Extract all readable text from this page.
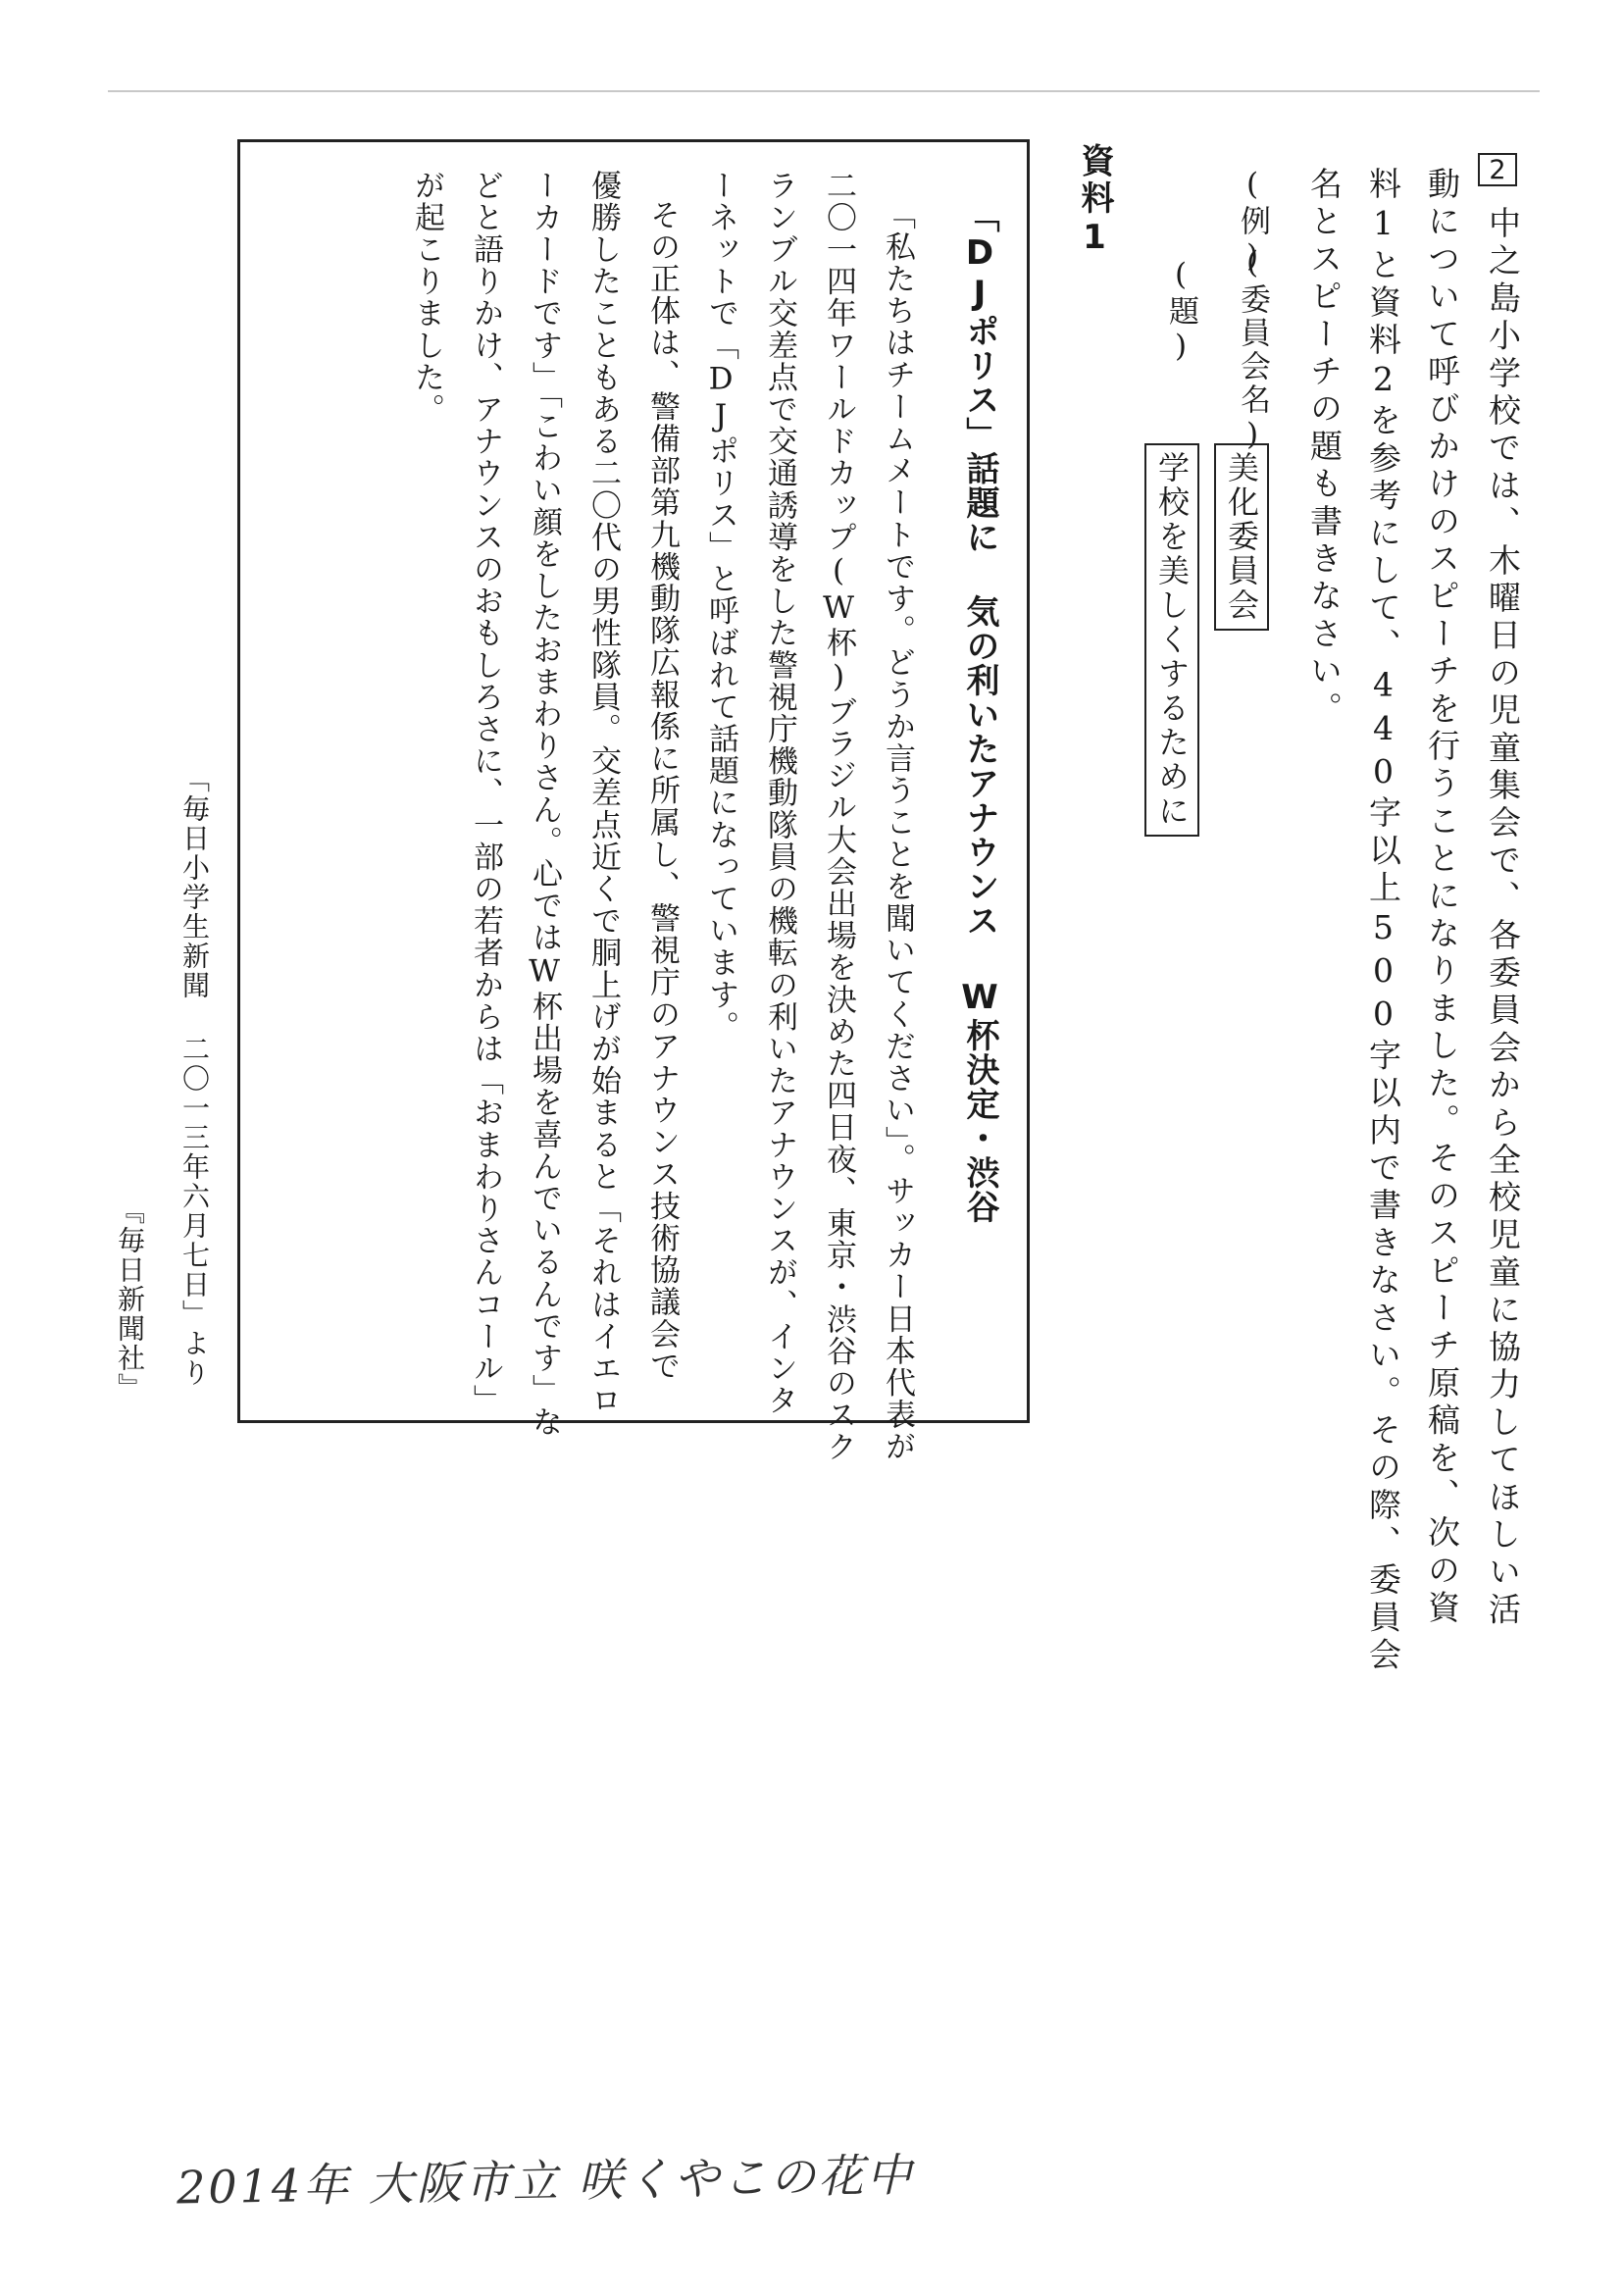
2

中之島小学校では、木曜日の児童集会で、各委員会から全校児童に協力してほしい活

動について呼びかけのスピーチを行うことになりました。そのスピーチ原稿を、次の資

料1と資料2を参考にして、440字以上500字以内で書きなさい。その際、委員会

名とスピーチの題も書きなさい。

(例)
(委員会名)
美化委員会
(題)
学校を美しくするために
資料1
「DJポリス」話題に 気の利いたアナウンス W杯決定・渋谷

「私たちはチームメートです。どうか言うことを聞いてください」。サッカー日本代表が

二〇一四年ワールドカップ(W杯)ブラジル大会出場を決めた四日夜、東京・渋谷のスク

ランブル交差点で交通誘導をした警視庁機動隊員の機転の利いたアナウンスが、インタ

ーネットで「DJポリス」と呼ばれて話題になっています。

その正体は、警備部第九機動隊広報係に所属し、警視庁のアナウンス技術協議会で

優勝したこともある二〇代の男性隊員。交差点近くで胴上げが始まると「それはイエロ

ーカードです」「こわい顔をしたおまわりさん。心ではW杯出場を喜んでいるんです」な

どと語りかけ、アナウンスのおもしろさに、一部の若者からは「おまわりさんコール」

が起こりました。

「毎日小学生新聞 二〇一三年六月七日」より
『毎日新聞社』
2014年 大阪市立 咲くやこの花中
